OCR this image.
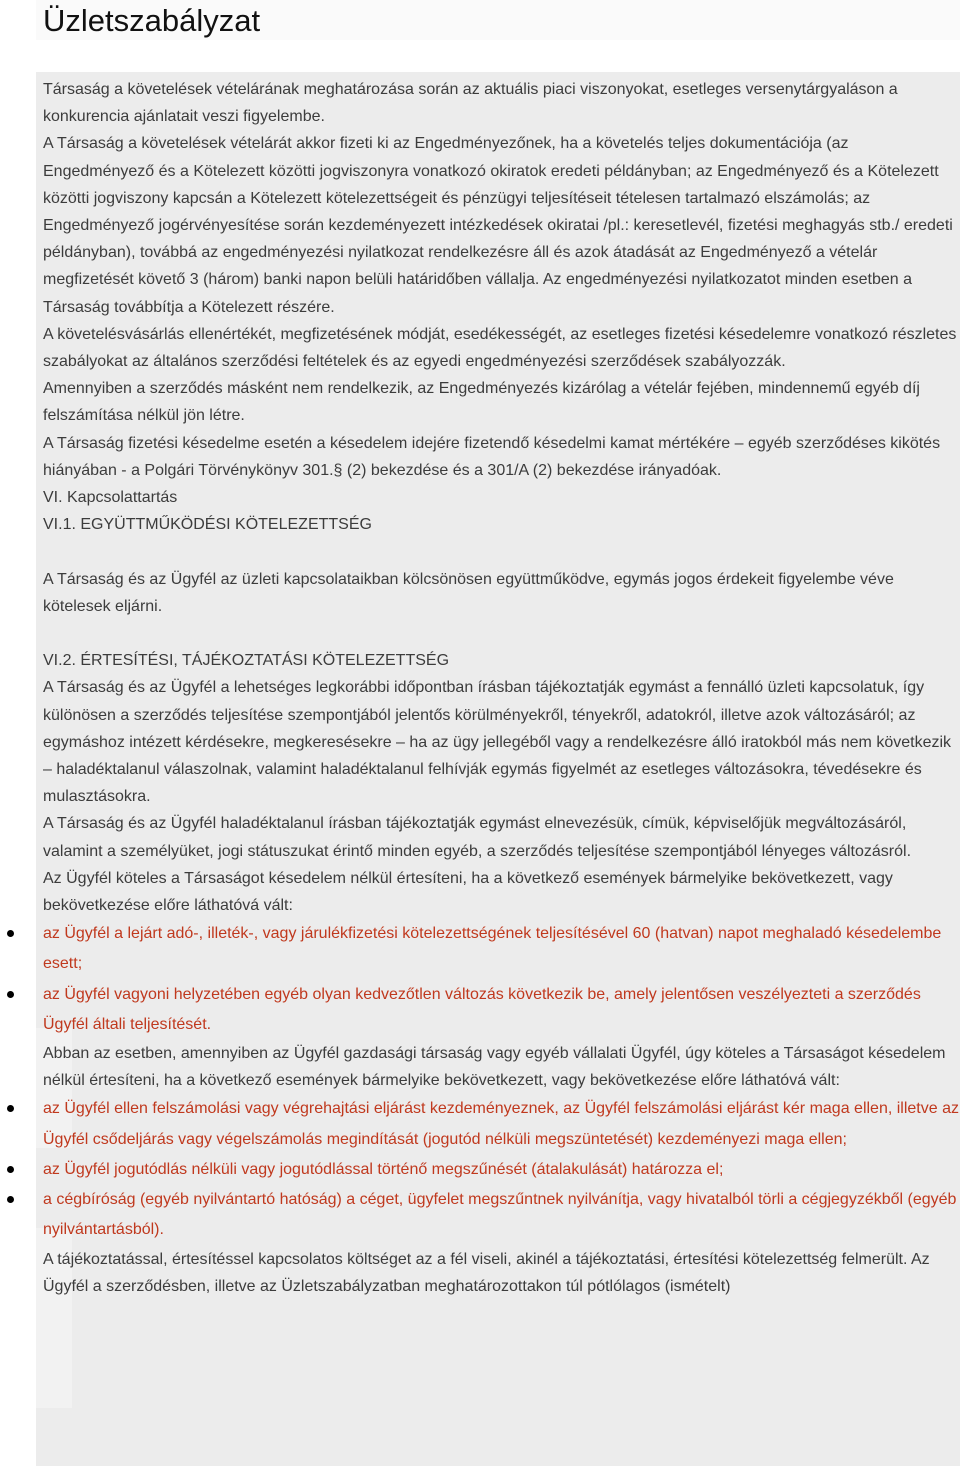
Üzletszabályzat

Társaság a követelések vételárának meghatározása során az aktuális piaci viszonyokat, esetleges versenytárgyaláson a konkurencia ajánlatait veszi figyelembe.

A Társaság a követelések vételárát akkor fizeti ki az Engedményezőnek, ha a követelés teljes dokumentációja (az Engedményező és a Kötelezett közötti jogviszonyra vonatkozó okiratok eredeti példányban; az Engedményező és a Kötelezett közötti jogviszony kapcsán a Kötelezett kötelezettségeit és pénzügyi teljesítéseit tételesen tartalmazó elszámolás; az Engedményező jogérvényesítése során kezdeményezett intézkedések okiratai /pl.: keresetlevél, fizetési meghagyás stb./ eredeti példányban), továbbá az engedményezési nyilatkozat rendelkezésre áll és azok átadását az Engedményező a vételár megfizetését követő 3 (három) banki napon belüli határidőben vállalja. Az engedményezési nyilatkozatot minden esetben a Társaság továbbítja a Kötelezett részére.

A követelésvásárlás ellenértékét, megfizetésének módját, esedékességét, az esetleges fizetési késedelemre vonatkozó részletes szabályokat az általános szerződési feltételek és az egyedi engedményezési szerződések szabályozzák.

Amennyiben a szerződés másként nem rendelkezik, az Engedményezés kizárólag a vételár fejében, mindennemű egyéb díj felszámítása nélkül jön létre.

A Társaság fizetési késedelme esetén a késedelem idejére fizetendő késedelmi kamat mértékére – egyéb szerződéses kikötés hiányában - a Polgári Törvénykönyv 301.§ (2) bekezdése és a 301/A (2) bekezdése irányadóak.

VI. Kapcsolattartás

VI.1. EGYÜTTMŰKÖDÉSI KÖTELEZETTSÉG

A Társaság és az Ügyfél az üzleti kapcsolataikban kölcsönösen együttműködve, egymás jogos érdekeit figyelembe véve kötelesek eljárni.

VI.2. ÉRTESÍTÉSI, TÁJÉKOZTATÁSI KÖTELEZETTSÉG

A Társaság és az Ügyfél a lehetséges legkorábbi időpontban írásban tájékoztatják egymást a fennálló üzleti kapcsolatuk, így különösen a szerződés teljesítése szempontjából jelentős körülményekről, tényekről, adatokról, illetve azok változásáról; az egymáshoz intézett kérdésekre, megkeresésekre – ha az ügy jellegéből vagy a rendelkezésre álló iratokból más nem következik – haladéktalanul válaszolnak, valamint haladéktalanul felhívják egymás figyelmét az esetleges változásokra, tévedésekre és mulasztásokra.

A Társaság és az Ügyfél haladéktalanul írásban tájékoztatják egymást elnevezésük, címük, képviselőjük megváltozásáról, valamint a személyüket, jogi státuszukat érintő minden egyéb, a szerződés teljesítése szempontjából lényeges változásról.

Az Ügyfél köteles a Társaságot késedelem nélkül értesíteni, ha a következő események bármelyike bekövetkezett, vagy bekövetkezése előre láthatóvá vált:

az Ügyfél a lejárt adó-, illeték-, vagy járulékfizetési kötelezettségének teljesítésével 60 (hatvan) napot meghaladó késedelembe esett;
az Ügyfél vagyoni helyzetében egyéb olyan kedvezőtlen változás következik be, amely jelentősen veszélyezteti a szerződés Ügyfél általi teljesítését.

Abban az esetben, amennyiben az Ügyfél gazdasági társaság vagy egyéb vállalati Ügyfél, úgy köteles a Társaságot késedelem nélkül értesíteni, ha a következő események bármelyike bekövetkezett, vagy bekövetkezése előre láthatóvá vált:

az Ügyfél ellen felszámolási vagy végrehajtási eljárást kezdeményeznek, az Ügyfél felszámolási eljárást kér maga ellen, illetve az Ügyfél csődeljárás vagy végelszámolás megindítását (jogutód nélküli megszüntetését) kezdeményezi maga ellen;
az Ügyfél jogutódlás nélküli vagy jogutódlással történő megszűnését (átalakulását) határozza el;
a cégbíróság (egyéb nyilvántartó hatóság) a céget, ügyfelet megszűntnek nyilvánítja, vagy hivatalból törli a cégjegyzékből (egyéb nyilvántartásból).

A tájékoztatással, értesítéssel kapcsolatos költséget az a fél viseli, akinél a tájékoztatási, értesítési kötelezettség felmerült. Az Ügyfél a szerződésben, illetve az Üzletszabályzatban meghatározottakon túl pótlólagos (ismételt)
